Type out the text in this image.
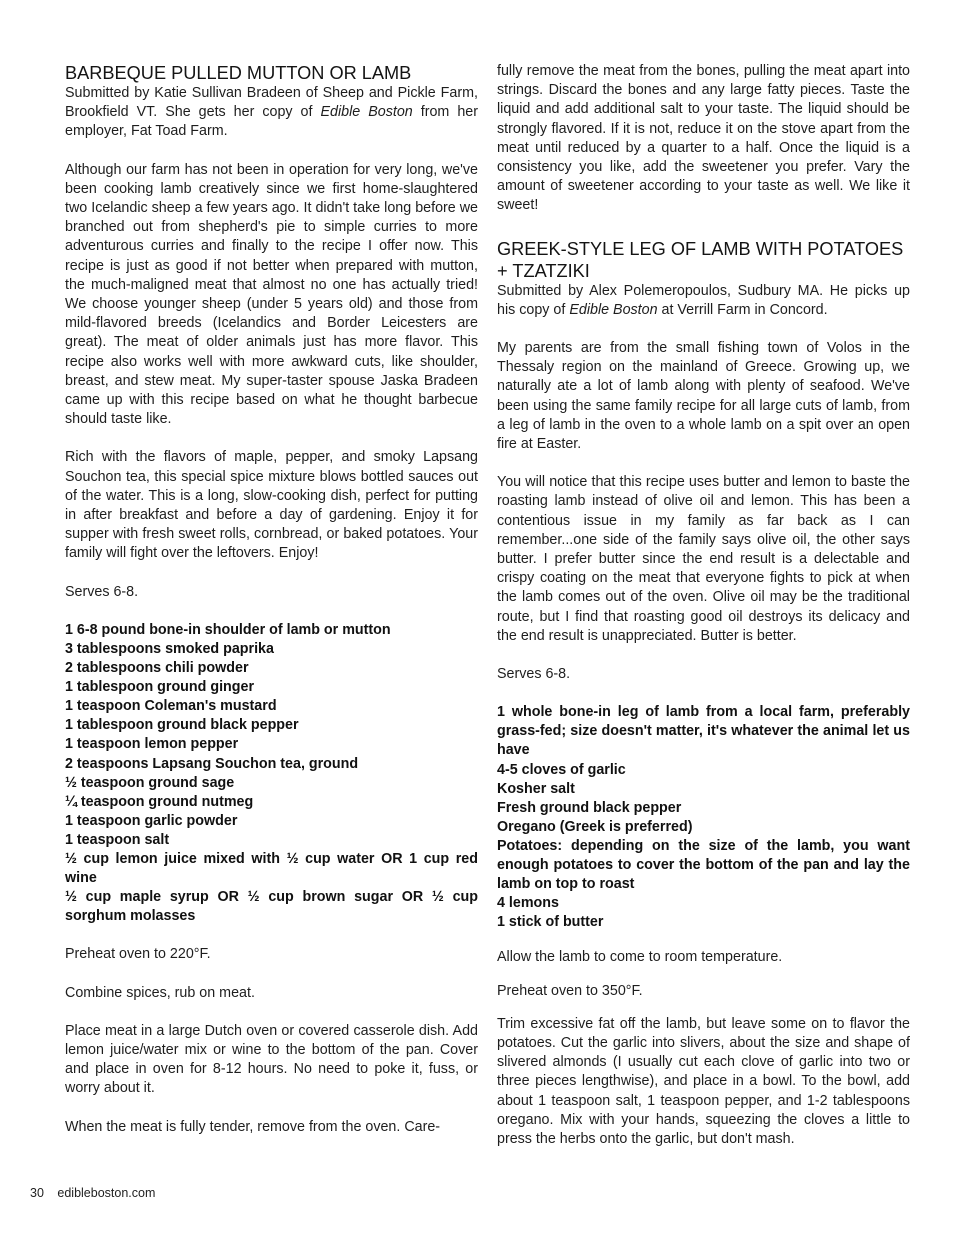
BARBEQUE PULLED MUTTON OR LAMB

Submitted by Katie Sullivan Bradeen of Sheep and Pickle Farm, Brookfield VT. She gets her copy of Edible Boston from her employer, Fat Toad Farm.

Although our farm has not been in operation for very long, we've been cooking lamb creatively since we first home-slaughtered two Icelandic sheep a few years ago. It didn't take long before we branched out from shepherd's pie to simple curries to more adventurous curries and finally to the recipe I offer now. This recipe is just as good if not better when prepared with mutton, the much-maligned meat that almost no one has actually tried! We choose younger sheep (under 5 years old) and those from mild-flavored breeds (Icelandics and Border Leicesters are great). The meat of older animals just has more flavor. This recipe also works well with more awkward cuts, like shoulder, breast, and stew meat. My super-taster spouse Jaska Bradeen came up with this recipe based on what he thought barbecue should taste like.

Rich with the flavors of maple, pepper, and smoky Lapsang Souchon tea, this special spice mixture blows bottled sauces out of the water. This is a long, slow-cooking dish, perfect for putting in after breakfast and before a day of gardening. Enjoy it for supper with fresh sweet rolls, cornbread, or baked potatoes. Your family will fight over the leftovers. Enjoy!

Serves 6-8.

1 6-8 pound bone-in shoulder of lamb or mutton
3 tablespoons smoked paprika
2 tablespoons chili powder
1 tablespoon ground ginger
1 teaspoon Coleman's mustard
1 tablespoon ground black pepper
1 teaspoon lemon pepper
2 teaspoons Lapsang Souchon tea, ground
½ teaspoon ground sage
¼ teaspoon ground nutmeg
1 teaspoon garlic powder
1 teaspoon salt
½ cup lemon juice mixed with ½ cup water OR 1 cup red wine
½ cup maple syrup OR ½ cup brown sugar OR ½ cup sorghum molasses

Preheat oven to 220°F.

Combine spices, rub on meat.

Place meat in a large Dutch oven or covered casserole dish. Add lemon juice/water mix or wine to the bottom of the pan. Cover and place in oven for 8-12 hours. No need to poke it, fuss, or worry about it.

When the meat is fully tender, remove from the oven. Care-

fully remove the meat from the bones, pulling the meat apart into strings. Discard the bones and any large fatty pieces. Taste the liquid and add additional salt to your taste. The liquid should be strongly flavored. If it is not, reduce it on the stove apart from the meat until reduced by a quarter to a half. Once the liquid is a consistency you like, add the sweetener you prefer. Vary the amount of sweetener according to your taste as well. We like it sweet!

GREEK-STYLE LEG OF LAMB WITH POTATOES + TZATZIKI

Submitted by Alex Polemeropoulos, Sudbury MA. He picks up his copy of Edible Boston at Verrill Farm in Concord.

My parents are from the small fishing town of Volos in the Thessaly region on the mainland of Greece. Growing up, we naturally ate a lot of lamb along with plenty of seafood. We've been using the same family recipe for all large cuts of lamb, from a leg of lamb in the oven to a whole lamb on a spit over an open fire at Easter.

You will notice that this recipe uses butter and lemon to baste the roasting lamb instead of olive oil and lemon. This has been a contentious issue in my family as far back as I can remember...one side of the family says olive oil, the other says butter. I prefer butter since the end result is a delectable and crispy coating on the meat that everyone fights to pick at when the lamb comes out of the oven. Olive oil may be the traditional route, but I find that roasting good oil destroys its delicacy and the end result is unappreciated. Butter is better.

Serves 6-8.

1 whole bone-in leg of lamb from a local farm, preferably grass-fed; size doesn't matter, it's whatever the animal let us have
4-5 cloves of garlic
Kosher salt
Fresh ground black pepper
Oregano (Greek is preferred)
Potatoes: depending on the size of the lamb, you want enough potatoes to cover the bottom of the pan and lay the lamb on top to roast
4 lemons
1 stick of butter

Allow the lamb to come to room temperature.

Preheat oven to 350°F.

Trim excessive fat off the lamb, but leave some on to flavor the potatoes. Cut the garlic into slivers, about the size and shape of slivered almonds (I usually cut each clove of garlic into two or three pieces lengthwise), and place in a bowl. To the bowl, add about 1 teaspoon salt, 1 teaspoon pepper, and 1-2 tablespoons oregano. Mix with your hands, squeezing the cloves a little to press the herbs onto the garlic, but don't mash.

30 edibleboston.com
